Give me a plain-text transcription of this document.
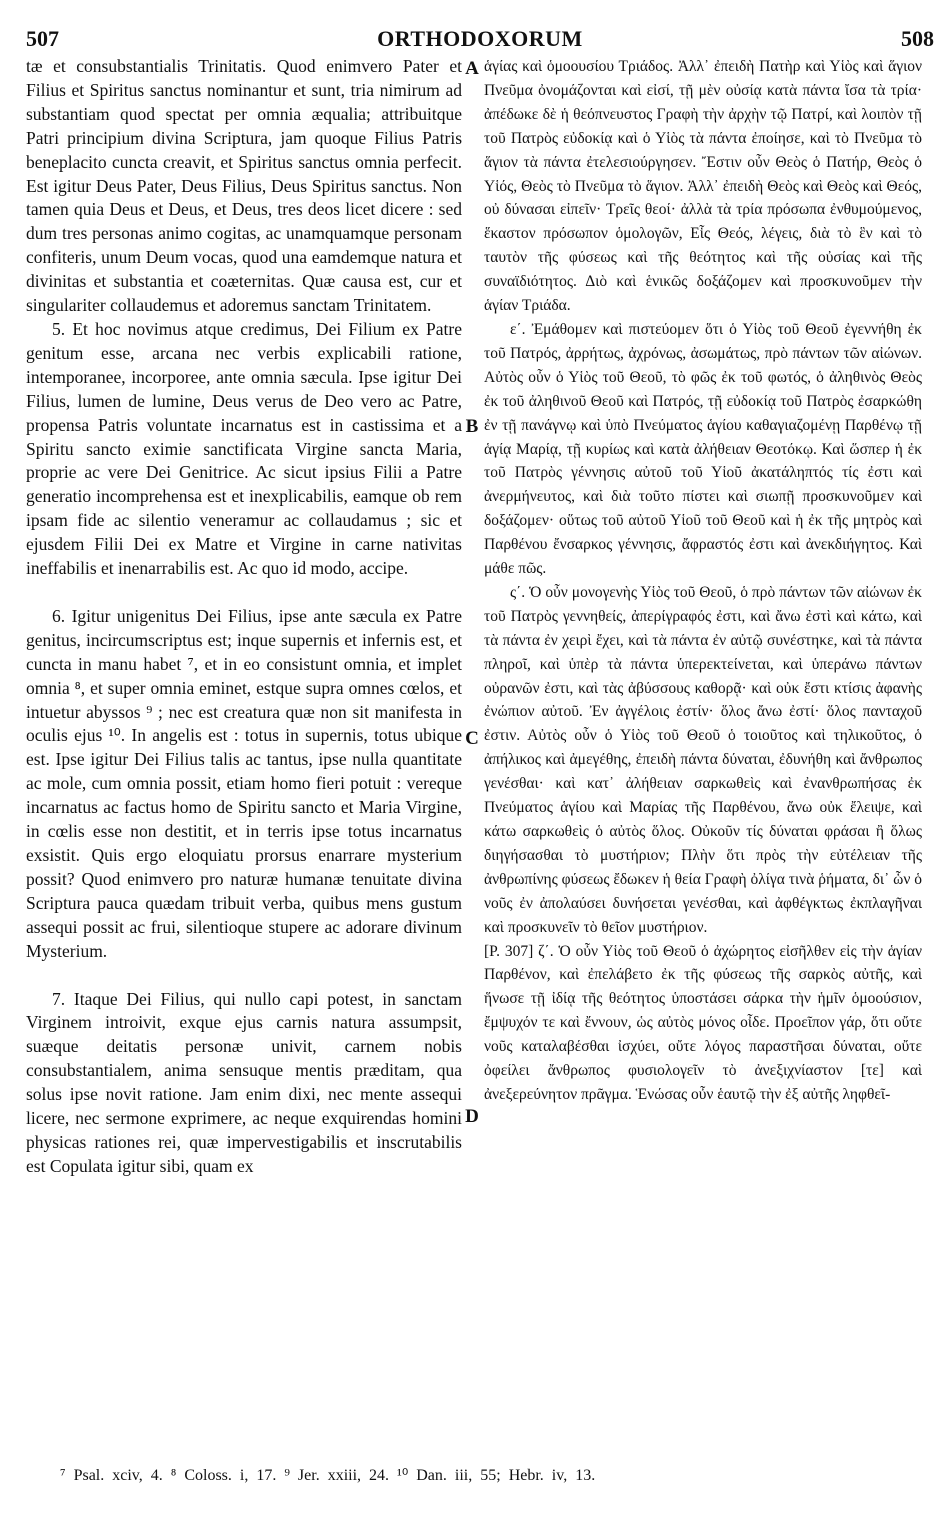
507	ORTHODOXORUM	508

tæ et consubstantialis Trinitatis. Quod enimvero Pater et Filius et Spiritus sanctus nominantur et sunt, tria nimirum ad substantiam quod spectat per omnia æqualia; attribuitque Patri principium divina Scriptura, jam quoque Filius Patris beneplacito cuncta creavit, et Spiritus sanctus omnia perfecit. Est igitur Deus Pater, Deus Filius, Deus Spiritus sanctus. Non tamen quia Deus et Deus, et Deus, tres deos licet dicere : sed dum tres personas animo cogitas, ac unamquamque personam confiteris, unum Deum vocas, quod una eamdemque natura et divinitas et substantia et coæternitas. Quæ causa est, cur et singulariter collaudemus et adoremus sanctam Trinitatem.

5. Et hoc novimus atque credimus, Dei Filium ex Patre genitum esse, arcana nec verbis explicabili ratione, intemporanee, incorporee, ante omnia sæcula. Ipse igitur Dei Filius, lumen de lumine, Deus verus de Deo vero ac Patre, propensa Patris voluntate incarnatus est in castissima et a Spiritu sancto eximie sanctificata Virgine sancta Maria, proprie ac vere Dei Genitrice. Ac sicut ipsius Filii a Patre generatio incomprehensa est et inexplicabilis, eamque ob rem ipsam fide ac silentio veneramur ac collaudamus ; sic et ejusdem Filii Dei ex Matre et Virgine in carne nativitas ineffabilis et inenarrabilis est. Ac quo id modo, accipe.

6. Igitur unigenitus Dei Filius, ipse ante sæcula ex Patre genitus, incircumscriptus est; inque supernis et infernis est, et cuncta in manu habet ⁷, et in eo consistunt omnia, et implet omnia ⁸, et super omnia eminet, estque supra omnes cœlos, et intuetur abyssos ⁹ ; nec est creatura quæ non sit manifesta in oculis ejus ¹⁰. In angelis est : totus in supernis, totus ubique est. Ipse igitur Dei Filius talis ac tantus, ipse nulla quantitate ac mole, cum omnia possit, etiam homo fieri potuit : vereque incarnatus ac factus homo de Spiritu sancto et Maria Virgine, in cœlis esse non destitit, et in terris ipse totus incarnatus exsistit. Quis ergo eloquiatu prorsus enarrare mysterium possit? Quod enimvero pro naturæ humanæ tenuitate divina Scriptura pauca quædam tribuit verba, quibus mens gustum assequi possit ac frui, silentioque stupere ac adorare divinum Mysterium.

7. Itaque Dei Filius, qui nullo capi potest, in sanctam Virginem introivit, exque ejus carnis natura assumpsit, suæque deitatis personæ univit, carnem nobis consubstantialem, anima sensuque mentis præditam, qua solus ipse novit ratione. Jam enim dixi, nec mente assequi licere, nec sermone exprimere, ac neque exquirendas homini physicas rationes rei, quæ impervestigabilis et inscrutabilis est Copulata igitur sibi, quam ex

A
B
C
D

ἁγίας καὶ ὁμοουσίου Τριάδος. Ἀλλ᾽ ἐπειδὴ Πατὴρ καὶ Υἱὸς καὶ ἅγιον Πνεῦμα ὀνομάζονται καὶ εἰσί, τῇ μὲν οὐσίᾳ κατὰ πάντα ἴσα τὰ τρία· ἀπέδωκε δὲ ἡ θεόπνευστος Γραφὴ τὴν ἀρχὴν τῷ Πατρί, καὶ λοιπὸν τῇ τοῦ Πατρὸς εὐδοκίᾳ καὶ ὁ Υἱὸς τὰ πάντα ἐποίησε, καὶ τὸ Πνεῦμα τὸ ἅγιον τὰ πάντα ἐτελεσιούργησεν. Ἔστιν οὖν Θεὸς ὁ Πατήρ, Θεὸς ὁ Υἱός, Θεὸς τὸ Πνεῦμα τὸ ἅγιον. Ἀλλ᾽ ἐπειδὴ Θεὸς καὶ Θεὸς καὶ Θεός, οὐ δύνασαι εἰπεῖν· Τρεῖς θεοί· ἀλλὰ τὰ τρία πρόσωπα ἐνθυμούμενος, ἕκαστον πρόσωπον ὁμολογῶν, Εἷς Θεός, λέγεις, διὰ τὸ ἓν καὶ τὸ ταυτὸν τῆς φύσεως καὶ τῆς θεότητος καὶ τῆς οὐσίας καὶ τῆς συναϊδιότητος. Διὸ καὶ ἑνικῶς δοξάζομεν καὶ προσκυνοῦμεν τὴν ἁγίαν Τριάδα.

ε΄. Ἐμάθομεν καὶ πιστεύομεν ὅτι ὁ Υἱὸς τοῦ Θεοῦ ἐγεννήθη ἐκ τοῦ Πατρός, ἀρρήτως, ἀχρόνως, ἀσωμάτως, πρὸ πάντων τῶν αἰώνων. Αὐτὸς οὖν ὁ Υἱὸς τοῦ Θεοῦ, τὸ φῶς ἐκ τοῦ φωτός, ὁ ἀληθινὸς Θεὸς ἐκ τοῦ ἀληθινοῦ Θεοῦ καὶ Πατρός, τῇ εὐδοκίᾳ τοῦ Πατρὸς ἐσαρκώθη ἐν τῇ πανάγνῳ καὶ ὑπὸ Πνεύματος ἁγίου καθαγιαζομένῃ Παρθένῳ τῇ ἁγίᾳ Μαρίᾳ, τῇ κυρίως καὶ κατὰ ἀλήθειαν Θεοτόκῳ. Καὶ ὥσπερ ἡ ἐκ τοῦ Πατρὸς γέννησις αὐτοῦ τοῦ Υἱοῦ ἀκατάληπτός τίς ἐστι καὶ ἀνερμήνευτος, καὶ διὰ τοῦτο πίστει καὶ σιωπῇ προσκυνοῦμεν καὶ δοξάζομεν· οὕτως τοῦ αὐτοῦ Υἱοῦ τοῦ Θεοῦ καὶ ἡ ἐκ τῆς μητρὸς καὶ Παρθένου ἔνσαρκος γέννησις, ἄφραστός ἐστι καὶ ἀνεκδιήγητος. Καὶ μάθε πῶς.

ς΄. Ὁ οὖν μονογενὴς Υἱὸς τοῦ Θεοῦ, ὁ πρὸ πάντων τῶν αἰώνων ἐκ τοῦ Πατρὸς γεννηθείς, ἀπερίγραφός ἐστι, καὶ ἄνω ἐστὶ καὶ κάτω, καὶ τὰ πάντα ἐν χειρὶ ἔχει, καὶ τὰ πάντα ἐν αὐτῷ συνέστηκε, καὶ τὰ πάντα πληροῖ, καὶ ὑπὲρ τὰ πάντα ὑπερεκτείνεται, καὶ ὑπεράνω πάντων οὐρανῶν ἐστι, καὶ τὰς ἀβύσσους καθορᾷ· καὶ οὐκ ἔστι κτίσις ἀφανὴς ἐνώπιον αὐτοῦ. Ἐν ἀγγέλοις ἐστίν· ὅλος ἄνω ἐστί· ὅλος πανταχοῦ ἐστιν. Αὐτὸς οὖν ὁ Υἱὸς τοῦ Θεοῦ ὁ τοιοῦτος καὶ τηλικοῦτος, ὁ ἀπήλικος καὶ ἀμεγέθης, ἐπειδὴ πάντα δύναται, ἐδυνήθη καὶ ἄνθρωπος γενέσθαι· καὶ κατ᾽ ἀλήθειαν σαρκωθεὶς καὶ ἐνανθρωπήσας ἐκ Πνεύματος ἁγίου καὶ Μαρίας τῆς Παρθένου, ἄνω οὐκ ἔλειψε, καὶ κάτω σαρκωθεὶς ὁ αὐτὸς ὅλος. Οὐκοῦν τίς δύναται φράσαι ἢ ὅλως διηγήσασθαι τὸ μυστήριον; Πλὴν ὅτι πρὸς τὴν εὐτέλειαν τῆς ἀνθρωπίνης φύσεως ἔδωκεν ἡ θεία Γραφὴ ὀλίγα τινὰ ῥήματα, δι᾽ ὧν ὁ νοῦς ἐν ἀπολαύσει δυνήσεται γενέσθαι, καὶ ἀφθέγκτως ἐκπλαγῆναι καὶ προσκυνεῖν τὸ θεῖον μυστήριον.

[P. 307] ζ΄. Ὁ οὖν Υἱὸς τοῦ Θεοῦ ὁ ἀχώρητος εἰσῆλθεν εἰς τὴν ἁγίαν Παρθένον, καὶ ἐπελάβετο ἐκ τῆς φύσεως τῆς σαρκὸς αὐτῆς, καὶ ἥνωσε τῇ ἰδίᾳ τῆς θεότητος ὑποστάσει σάρκα τὴν ἡμῖν ὁμοούσιον, ἔμψυχόν τε καὶ ἔννουν, ὡς αὐτὸς μόνος οἶδε. Προεῖπον γάρ, ὅτι οὔτε νοῦς καταλαβέσθαι ἰσχύει, οὔτε λόγος παραστῆσαι δύναται, οὔτε ὀφείλει ἄνθρωπος φυσιολογεῖν τὸ ἀνεξιχνίαστον [τε] καὶ ἀνεξερεύνητον πρᾶγμα. Ἑνώσας οὖν ἑαυτῷ τὴν ἐξ αὐτῆς ληφθεῖ-

⁷ Psal. xciv, 4. ⁸ Coloss. i, 17. ⁹ Jer. xxiii, 24. ¹⁰ Dan. iii, 55; Hebr. iv, 13.
